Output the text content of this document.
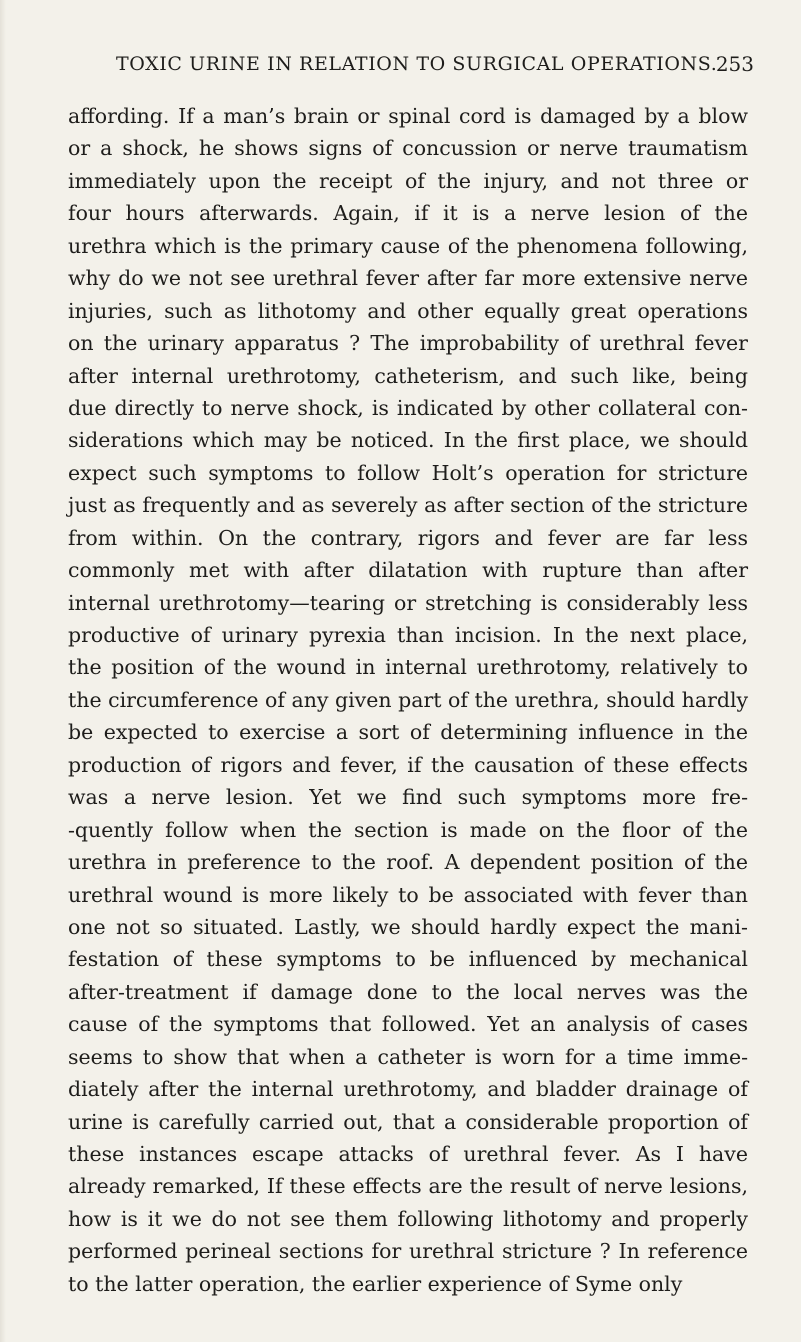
TOXIC URINE IN RELATION TO SURGICAL OPERATIONS.
253
affording. If a man’s brain or spinal cord is damaged by a blow
or a shock, he shows signs of concussion or nerve traumatism
immediately upon the receipt of the injury, and not three or
four hours afterwards. Again, if it is a nerve lesion of the
urethra which is the primary cause of the phenomena following,
why do we not see urethral fever after far more extensive nerve
injuries, such as lithotomy and other equally great operations
on the urinary apparatus ? The improbability of urethral fever
after internal urethrotomy, catheterism, and such like, being
due directly to nerve shock, is indicated by other collateral con-
siderations which may be noticed. In the first place, we should
expect such symptoms to follow Holt’s operation for stricture
just as frequently and as severely as after section of the stricture
from within. On the contrary, rigors and fever are far less
commonly met with after dilatation with rupture than after
internal urethrotomy—tearing or stretching is considerably less
productive of urinary pyrexia than incision. In the next place,
the position of the wound in internal urethrotomy, relatively to
the circumference of any given part of the urethra, should hardly
be expected to exercise a sort of determining influence in the
production of rigors and fever, if the causation of these effects
was a nerve lesion. Yet we find such symptoms more fre-
-quently follow when the section is made on the floor of the
urethra in preference to the roof. A dependent position of the
urethral wound is more likely to be associated with fever than
one not so situated. Lastly, we should hardly expect the mani-
festation of these symptoms to be influenced by mechanical
after-treatment if damage done to the local nerves was the
cause of the symptoms that followed. Yet an analysis of cases
seems to show that when a catheter is worn for a time imme-
diately after the internal urethrotomy, and bladder drainage of
urine is carefully carried out, that a considerable proportion of
these instances escape attacks of urethral fever. As I have
already remarked, If these effects are the result of nerve lesions,
how is it we do not see them following lithotomy and properly
performed perineal sections for urethral stricture ? In reference
to the latter operation, the earlier experience of Syme only
